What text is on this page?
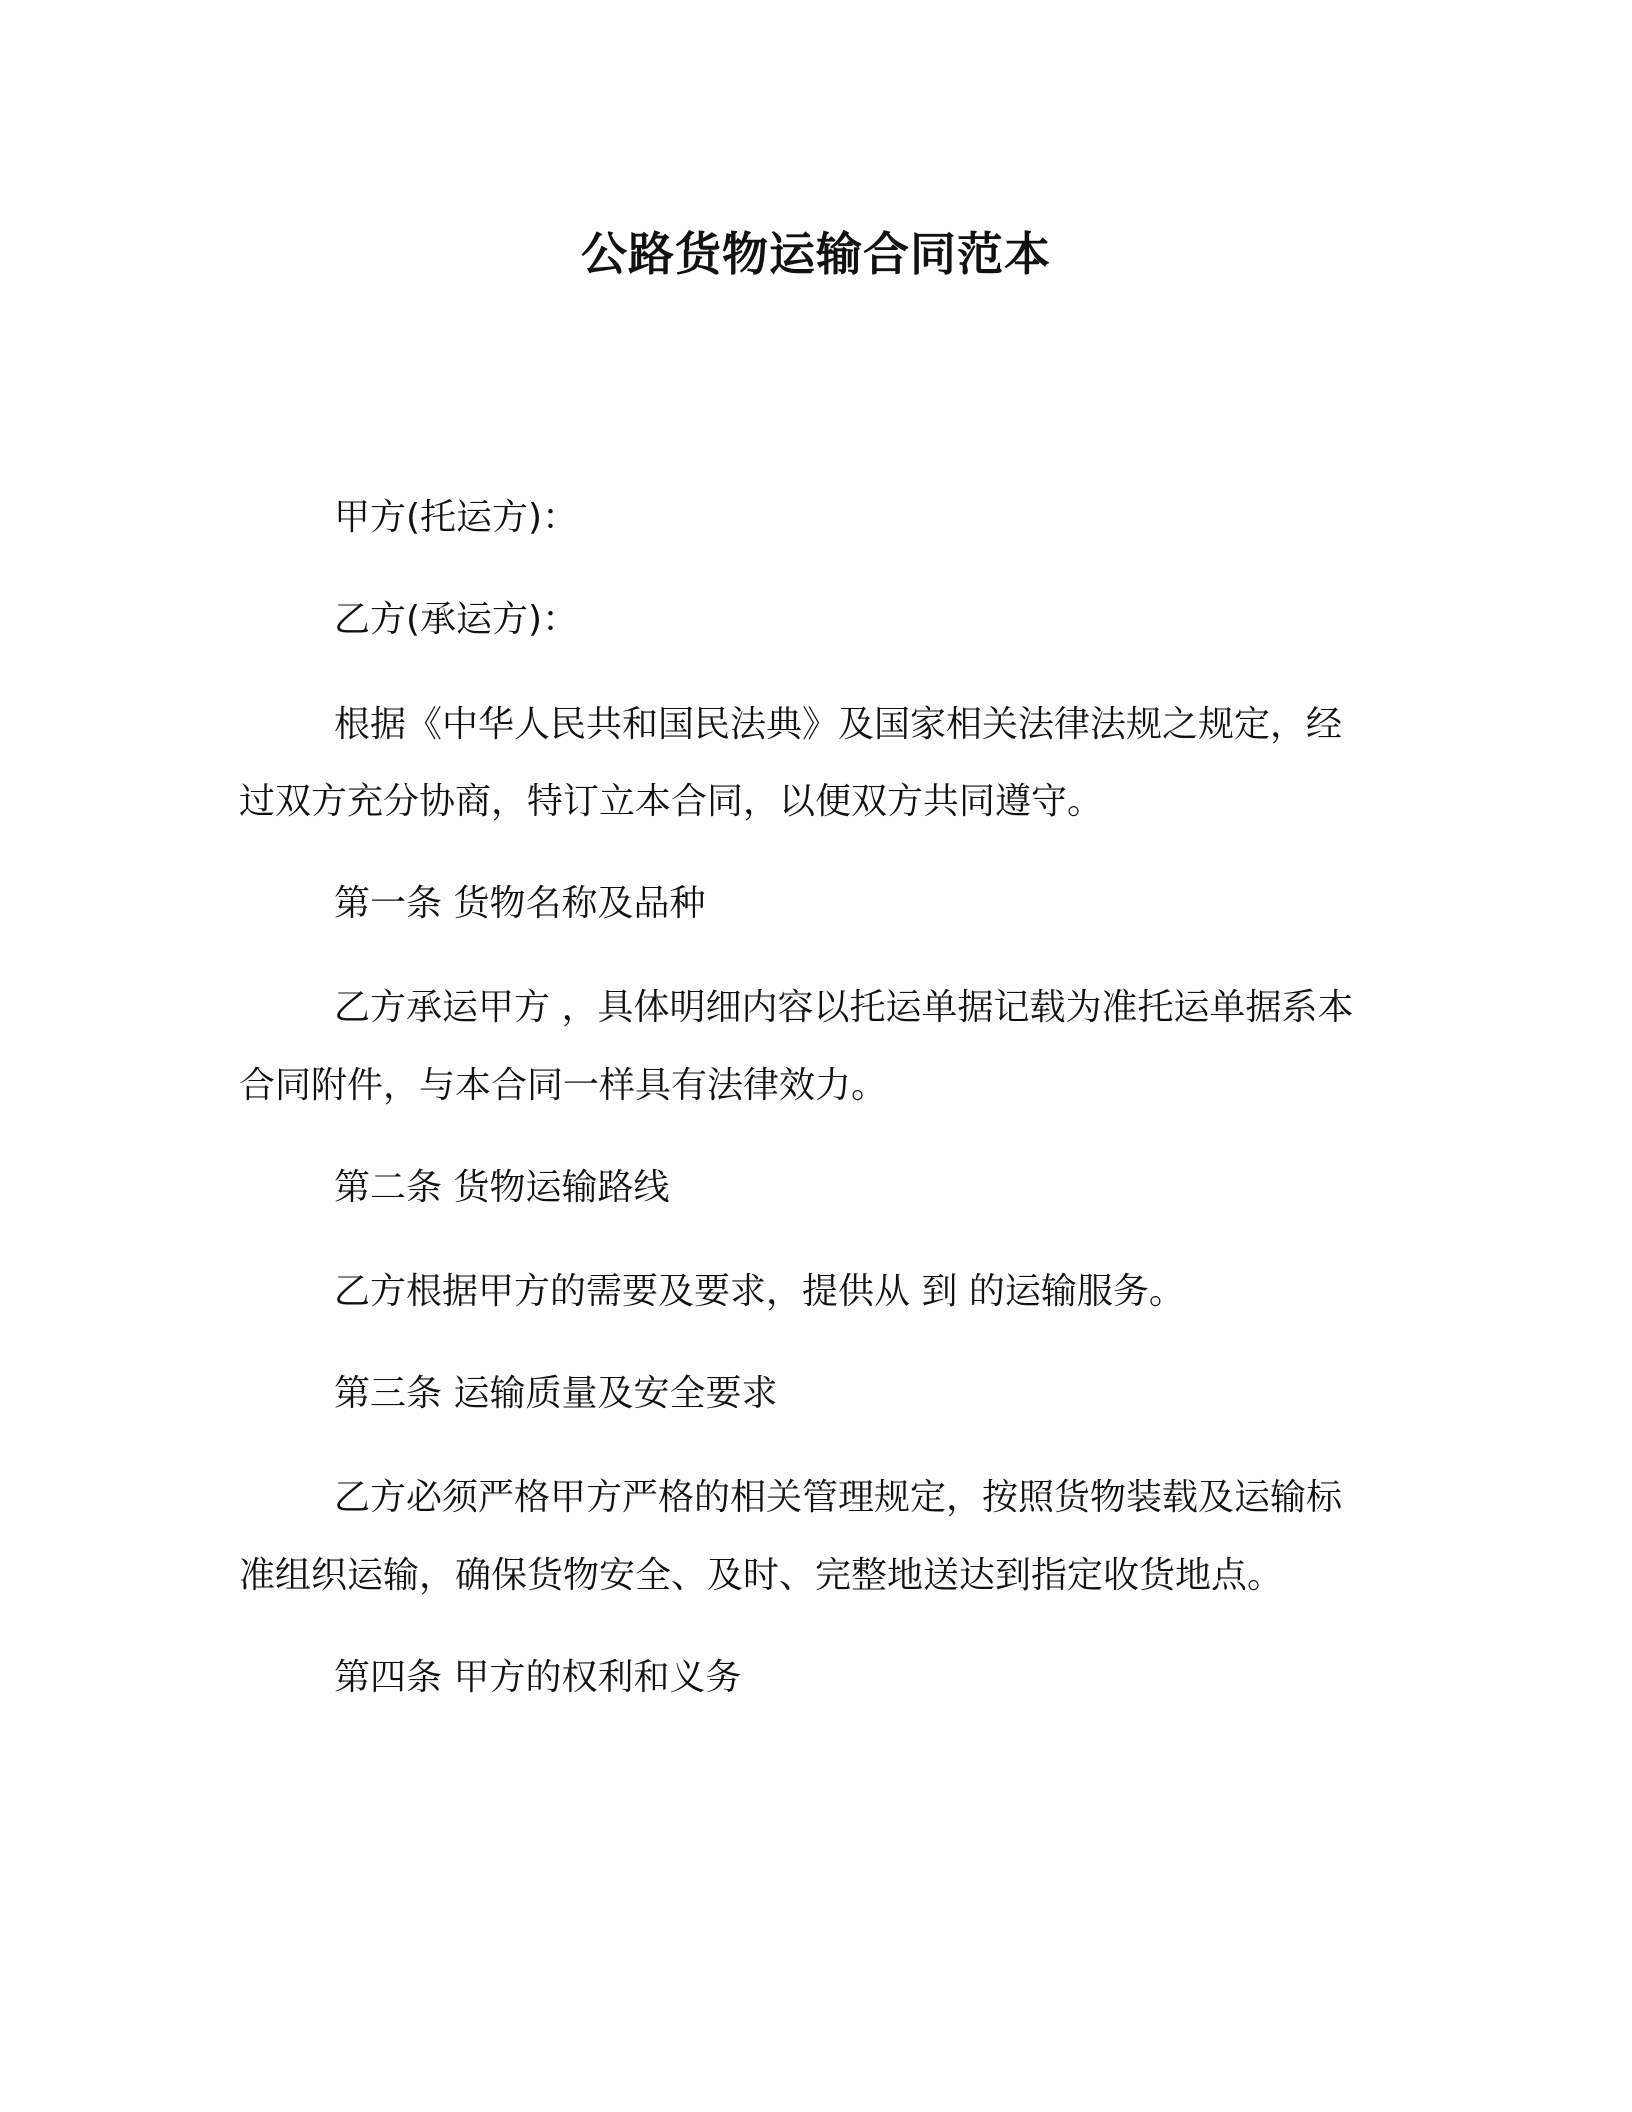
公路货物运输合同范本
甲方(托运方)：
乙方(承运方)：
根据《中华人民共和国民法典》及国家相关法律法规之规定，经
过双方充分协商，特订立本合同，以便双方共同遵守。
第一条 货物名称及品种
乙方承运甲方 ，具体明细内容以托运单据记载为准托运单据系本
合同附件，与本合同一样具有法律效力。
第二条 货物运输路线
乙方根据甲方的需要及要求，提供从 到 的运输服务。
第三条 运输质量及安全要求
乙方必须严格甲方严格的相关管理规定，按照货物装载及运输标
准组织运输，确保货物安全、及时、完整地送达到指定收货地点。
第四条 甲方的权利和义务
